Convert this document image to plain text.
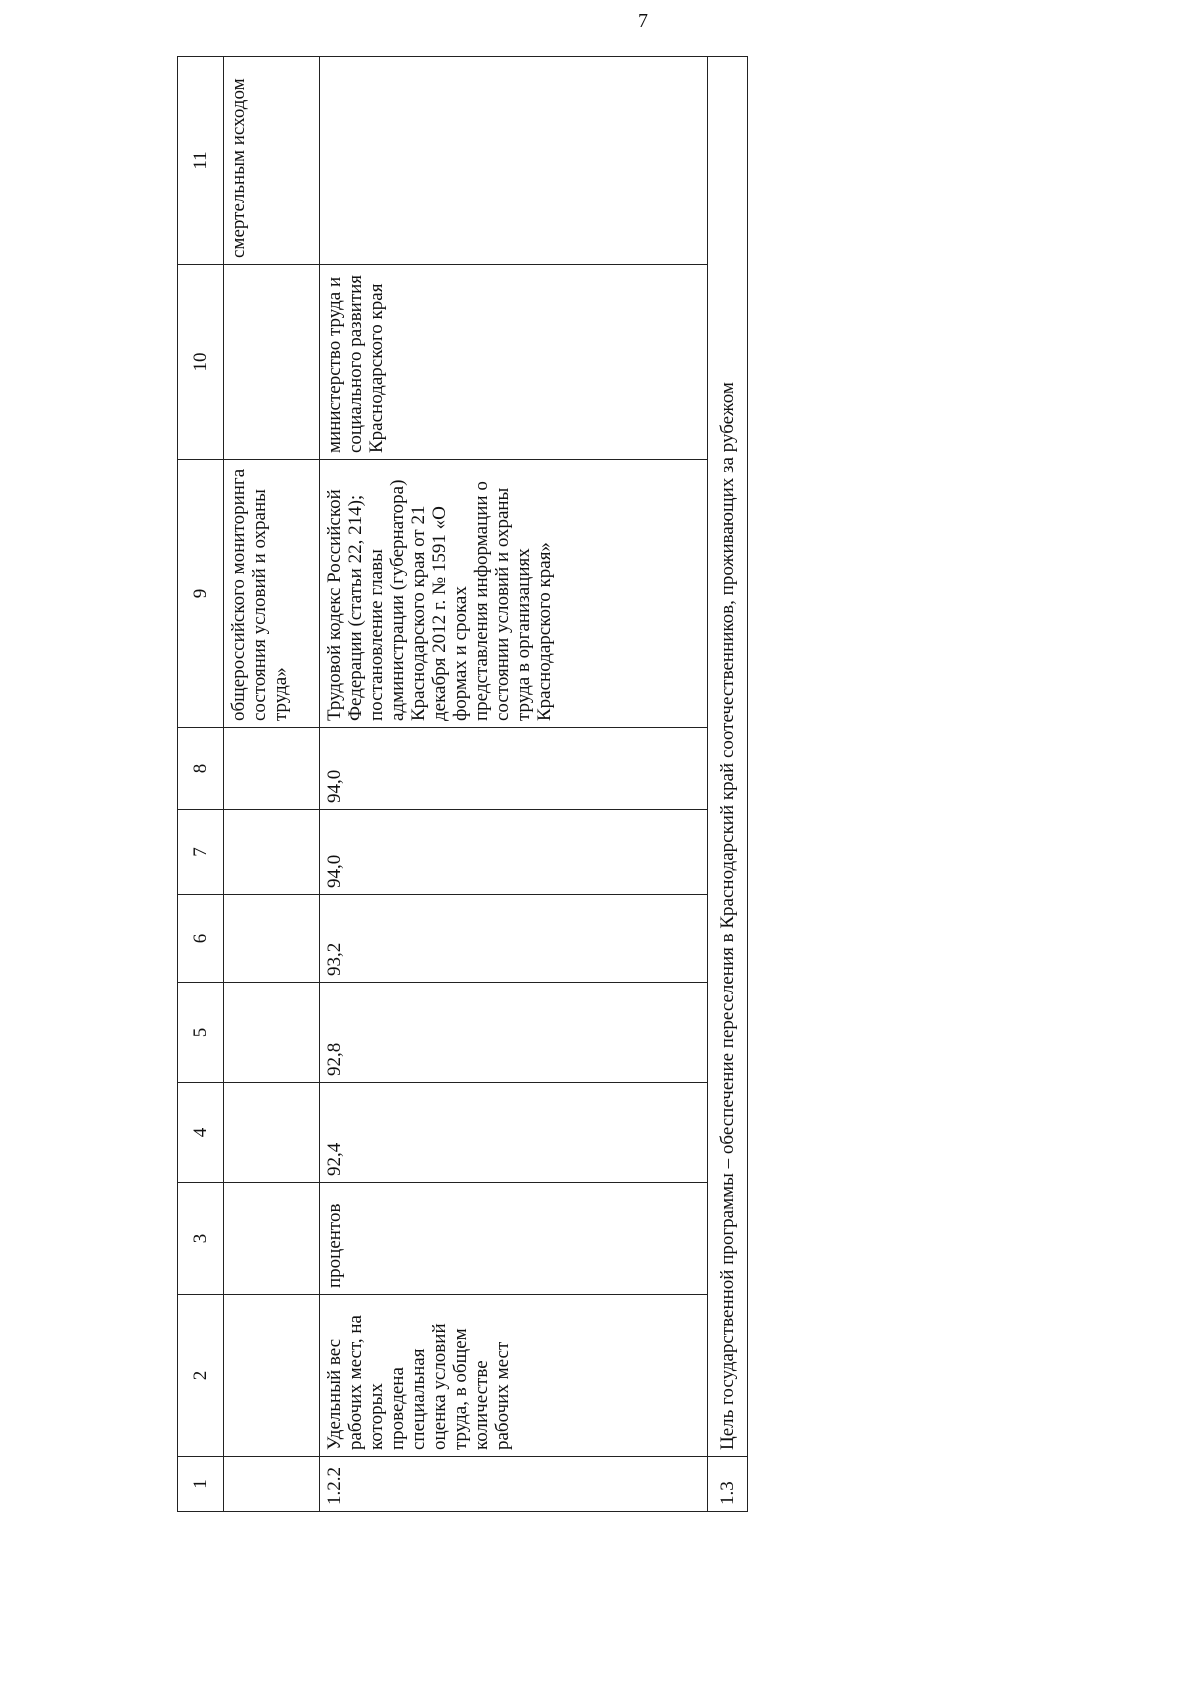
7
1	2	3	4	5	6	7	8	9	10	11
								общероссийского мониторинга состояния условий и охраны труда»		смертельным исходом
1.2.2	Удельный вес рабочих мест, на которых проведена специальная оценка условий труда, в общем количестве рабочих мест	процентов	92,4	92,8	93,2	94,0	94,0	Трудовой кодекс Российской Федерации (статьи 22, 214); постановление главы администрации (губернатора) Краснодарского края от 21 декабря 2012 г. № 1591 «О формах и сроках представления информации о состоянии условий и охраны труда в организациях Краснодарского края»	министерство труда и социального развития Краснодарского края	
1.3	Цель государственной программы – обеспечение переселения в Краснодарский край соотечественников, проживающих за рубежом									
